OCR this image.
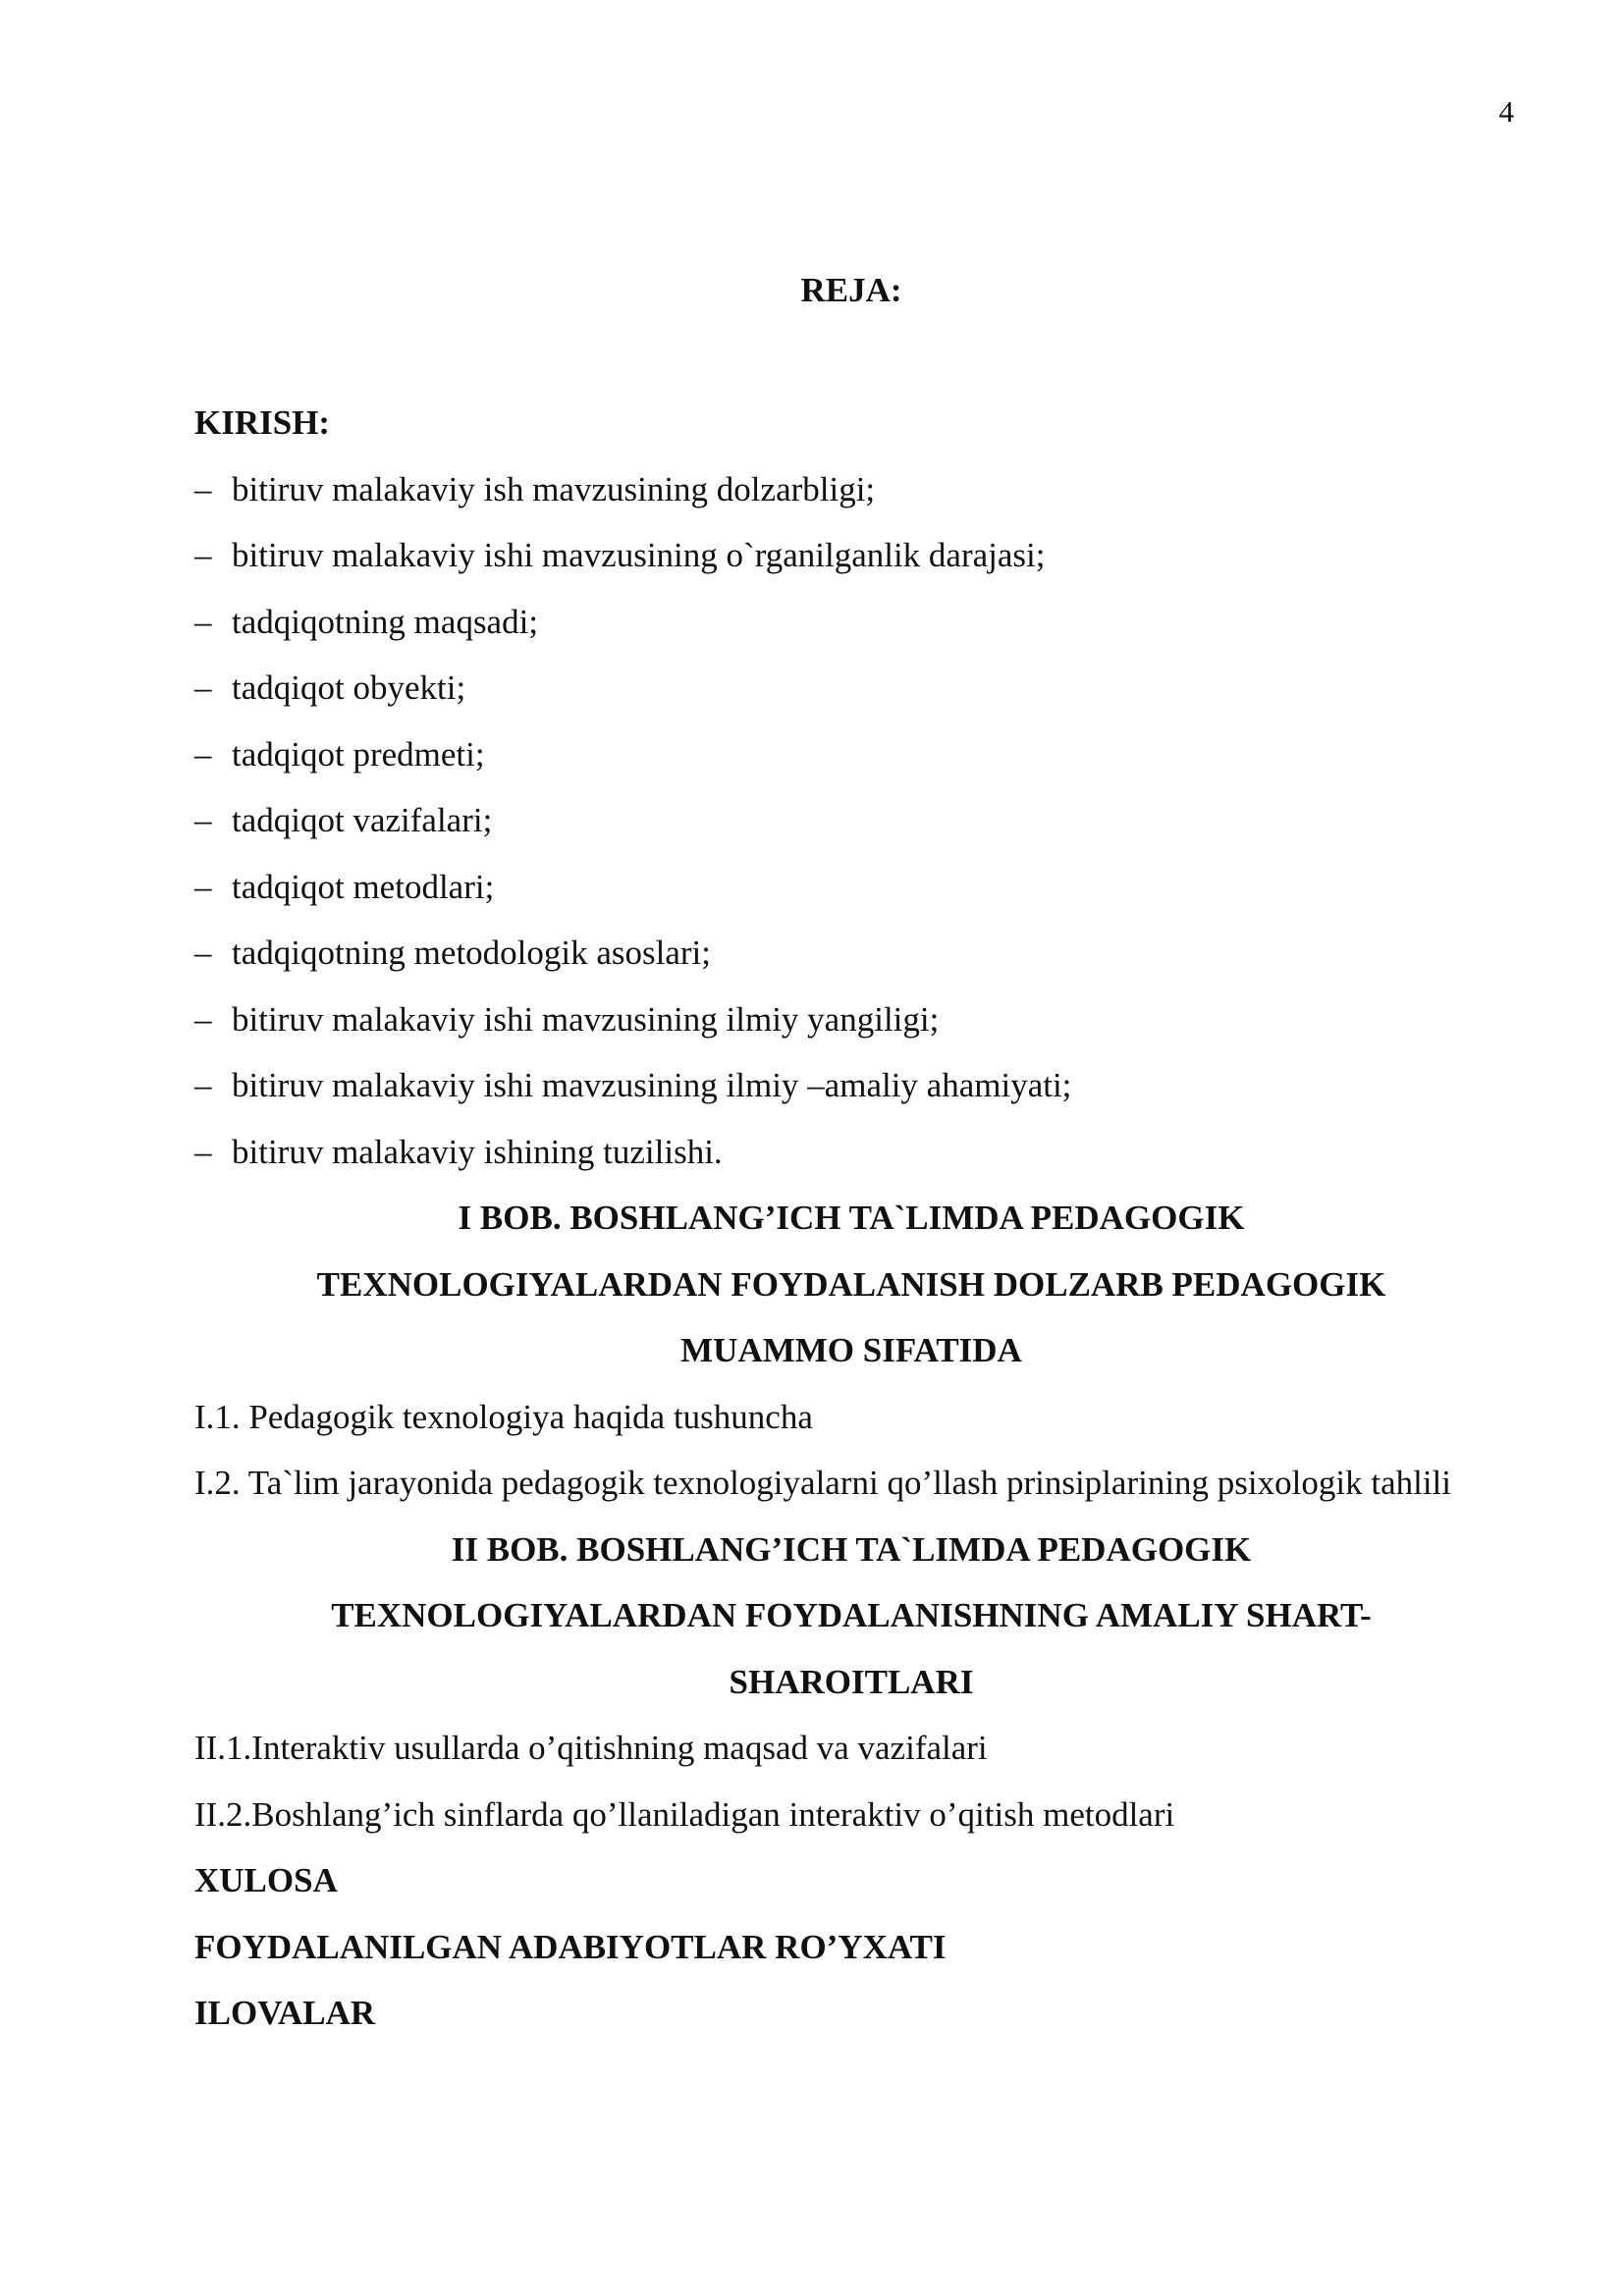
4

REJA:

KIRISH:

– bitiruv malakaviy ish mavzusining dolzarbligi;
– bitiruv malakaviy ishi mavzusining o`rganilganlik darajasi;
– tadqiqotning maqsadi;
– tadqiqot obyekti;
– tadqiqot predmeti;
– tadqiqot vazifalari;
– tadqiqot metodlari;
– tadqiqotning metodologik asoslari;
– bitiruv malakaviy ishi mavzusining ilmiy yangiligi;
– bitiruv malakaviy ishi mavzusining ilmiy –amaliy ahamiyati;
– bitiruv malakaviy ishining tuzilishi.

I BOB. BOSHLANG’ICH TA`LIMDA PEDAGOGIK

TEXNOLOGIYALARDAN FOYDALANISH DOLZARB PEDAGOGIK

MUAMMO SIFATIDA

I.1. Pedagogik texnologiya haqida tushuncha

I.2. Ta`lim jarayonida pedagogik texnologiyalarni qo’llash prinsiplarining psixologik tahlili

II BOB. BOSHLANG’ICH TA`LIMDA PEDAGOGIK

TEXNOLOGIYALARDAN FOYDALANISHNING AMALIY SHART-

SHAROITLARI

II.1.Interaktiv usullarda o’qitishning maqsad va vazifalari

II.2.Boshlang’ich sinflarda qo’llaniladigan interaktiv o’qitish metodlari

XULOSA

FOYDALANILGAN ADABIYOTLAR RO’YXATI

ILOVALAR
